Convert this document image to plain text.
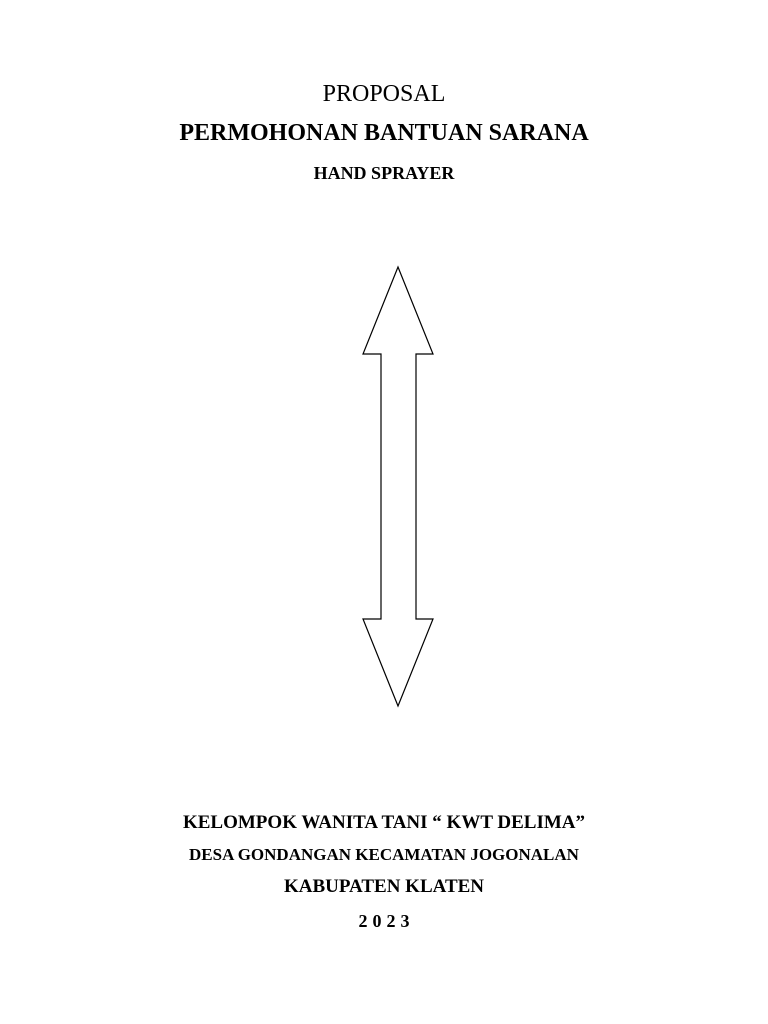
PROPOSAL
PERMOHONAN BANTUAN SARANA
HAND SPRAYER
KELOMPOK WANITA TANI “ KWT DELIMA”
DESA GONDANGAN KECAMATAN JOGONALAN
KABUPATEN KLATEN
2023
